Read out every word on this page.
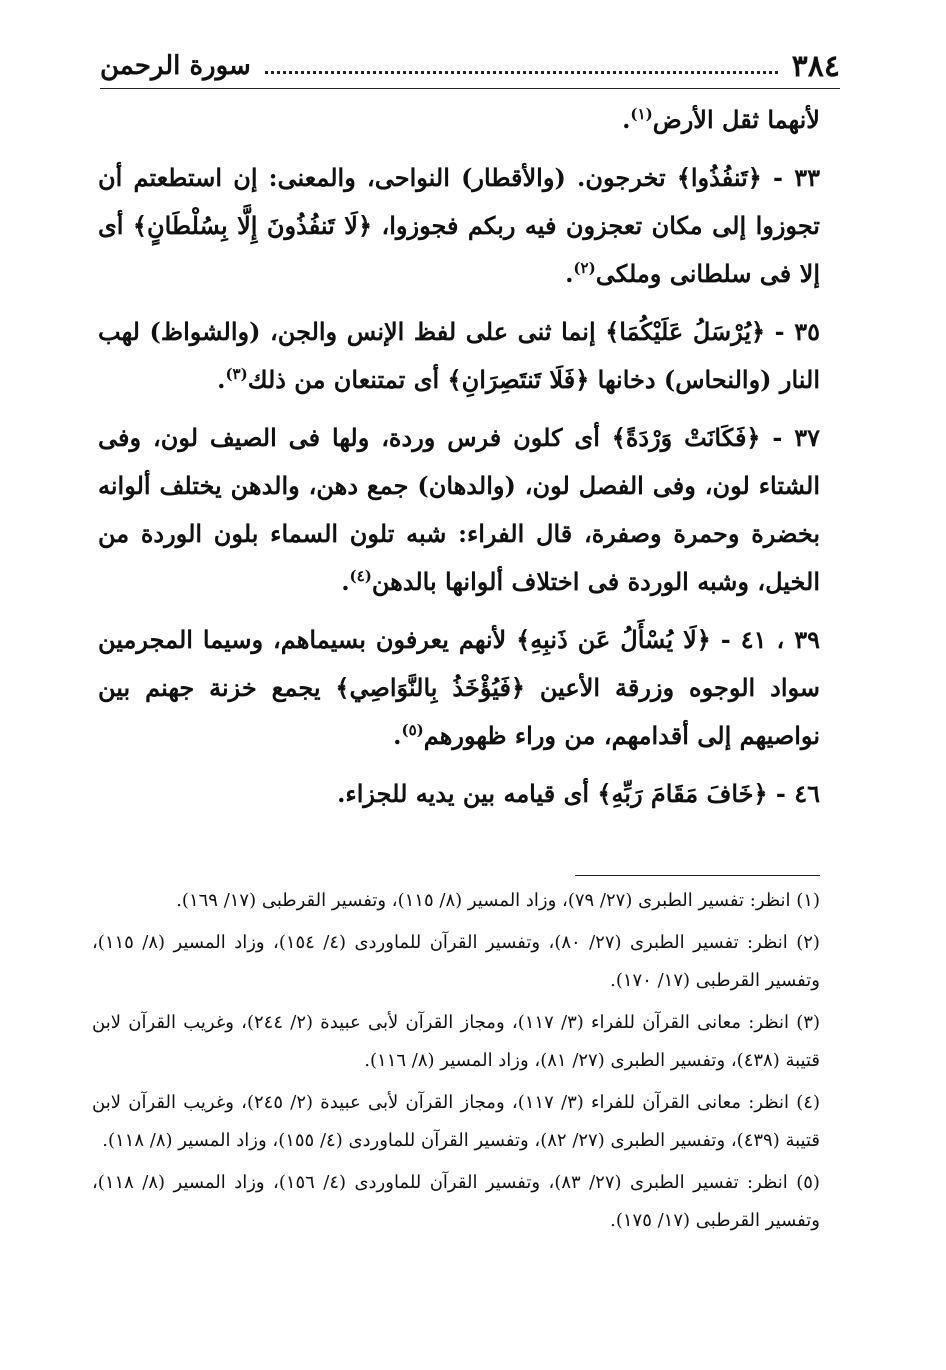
٣٨٤
سورة الرحمن

لأنهما ثقل الأرض$^{(١)}$.

٣٣ - ﴿تَنفُذُوا﴾ تخرجون. (والأقطار) النواحى، والمعنى: إن استطعتم أن تجوزوا إلى مكان تعجزون فيه ربكم فجوزوا، ﴿لَا تَنفُذُونَ إِلَّا بِسُلْطَانٍ﴾ أى إلا فى سلطانى وملكى$^{(٢)}$.

٣٥ - ﴿يُرْسَلُ عَلَيْكُمَا﴾ إنما ثنى على لفظ الإنس والجن، (والشواظ) لهب النار (والنحاس) دخانها ﴿فَلَا تَنتَصِرَانِ﴾ أى تمتنعان من ذلك$^{(٣)}$.

٣٧ - ﴿فَكَانَتْ وَرْدَةً﴾ أى كلون فرس وردة، ولها فى الصيف لون، وفى الشتاء لون، وفى الفصل لون، (والدهان) جمع دهن، والدهن يختلف ألوانه بخضرة وحمرة وصفرة، قال الفراء: شبه تلون السماء بلون الوردة من الخيل، وشبه الوردة فى اختلاف ألوانها بالدهن$^{(٤)}$.

٣٩ ، ٤١ - ﴿لَا يُسْأَلُ عَن ذَنبِهِ﴾ لأنهم يعرفون بسيماهم، وسيما المجرمين سواد الوجوه وزرقة الأعين ﴿فَيُؤْخَذُ بِالنَّوَاصِي﴾ يجمع خزنة جهنم بين نواصيهم إلى أقدامهم، من وراء ظهورهم$^{(٥)}$.

٤٦ - ﴿خَافَ مَقَامَ رَبِّهِ﴾ أى قيامه بين يديه للجزاء.

(١) انظر: تفسير الطبرى (٢٧/ ٧٩)، وزاد المسير (٨/ ١١٥)، وتفسير القرطبى (١٧/ ١٦٩).

(٢) انظر: تفسير الطبرى (٢٧/ ٨٠)، وتفسير القرآن للماوردى (٤/ ١٥٤)، وزاد المسير (٨/ ١١٥)، وتفسير القرطبى (١٧/ ١٧٠).

(٣) انظر: معانى القرآن للفراء (٣/ ١١٧)، ومجاز القرآن لأبى عبيدة (٢/ ٢٤٤)، وغريب القرآن لابن قتيبة (٤٣٨)، وتفسير الطبرى (٢٧/ ٨١)، وزاد المسير (٨/ ١١٦).

(٤) انظر: معانى القرآن للفراء (٣/ ١١٧)، ومجاز القرآن لأبى عبيدة (٢/ ٢٤٥)، وغريب القرآن لابن قتيبة (٤٣٩)، وتفسير الطبرى (٢٧/ ٨٢)، وتفسير القرآن للماوردى (٤/ ١٥٥)، وزاد المسير (٨/ ١١٨).

(٥) انظر: تفسير الطبرى (٢٧/ ٨٣)، وتفسير القرآن للماوردى (٤/ ١٥٦)، وزاد المسير (٨/ ١١٨)، وتفسير القرطبى (١٧/ ١٧٥).
